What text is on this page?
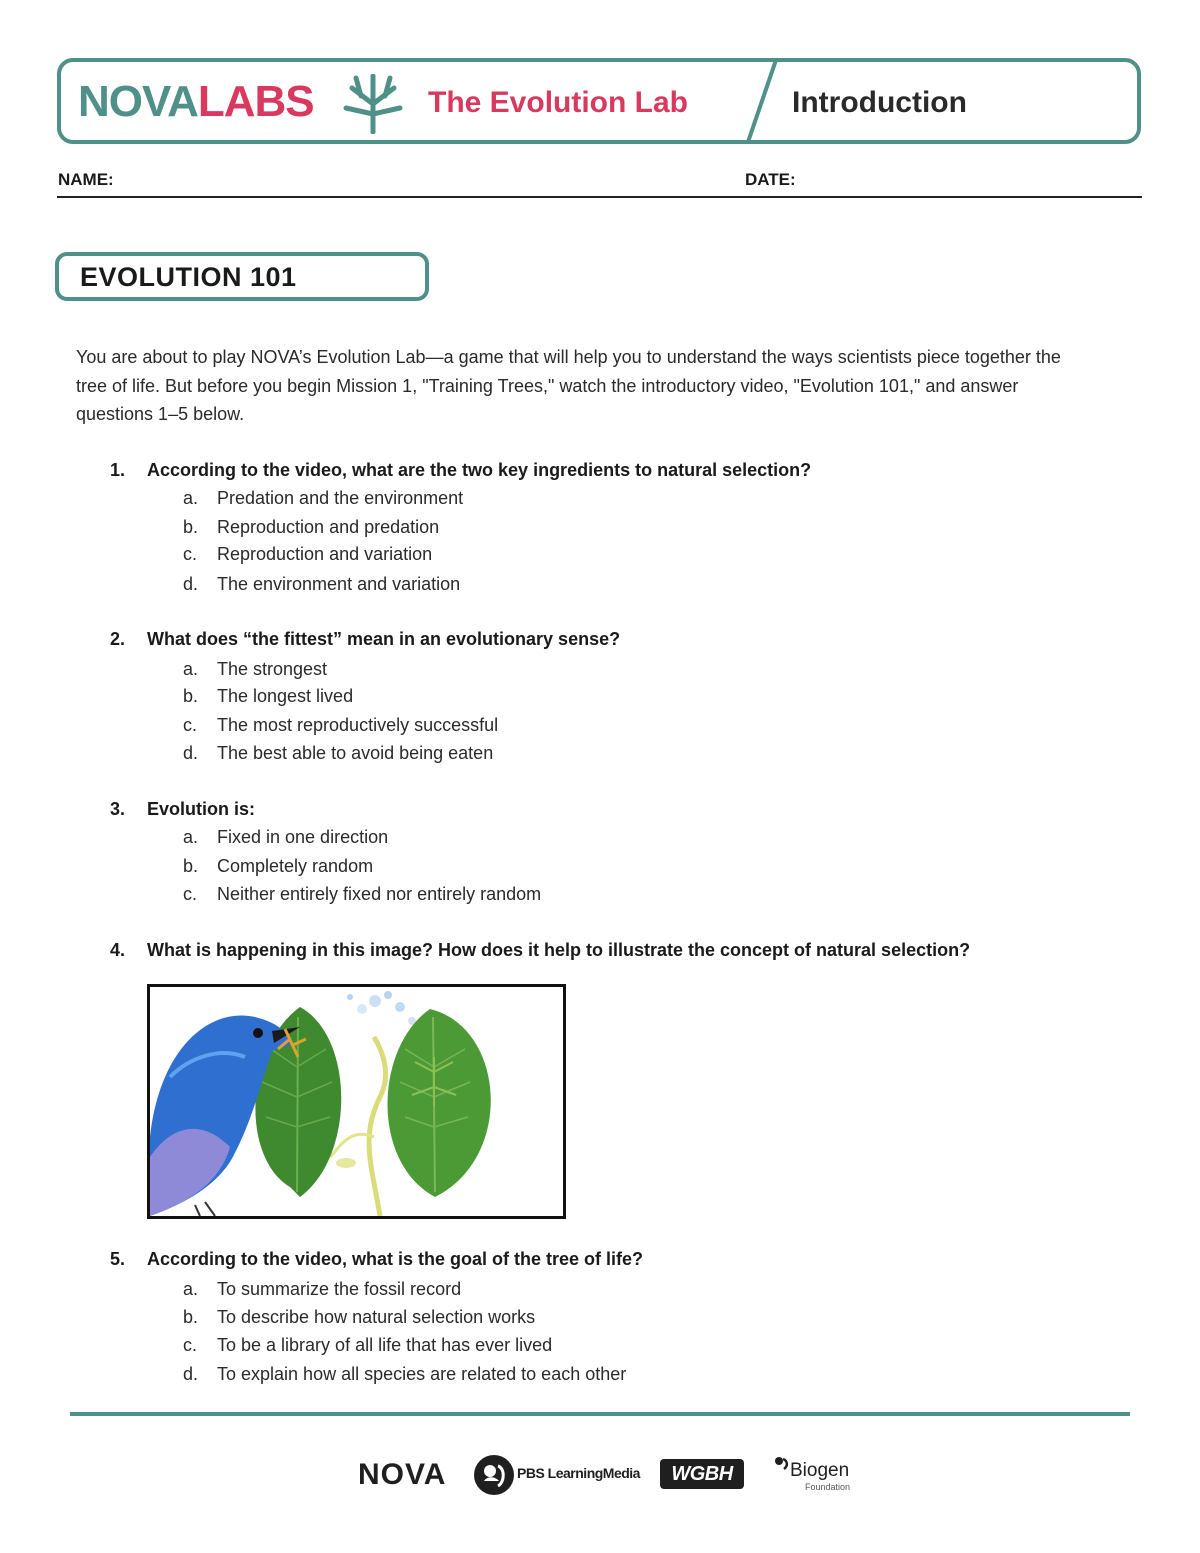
NOVALABS	The Evolution Lab	Introduction
NAME:	DATE:
EVOLUTION 101
You are about to play NOVA’s Evolution Lab—a game that will help you to understand the ways scientists piece together the tree of life. But before you begin Mission 1, "Training Trees," watch the introductory video, "Evolution 101," and answer questions 1–5 below.
1. According to the video, what are the two key ingredients to natural selection?
a. Predation and the environment
b. Reproduction and predation
c. Reproduction and variation
d. The environment and variation
2. What does “the fittest” mean in an evolutionary sense?
a. The strongest
b. The longest lived
c. The most reproductively successful
d. The best able to avoid being eaten
3. Evolution is:
a. Fixed in one direction
b. Completely random
c. Neither entirely fixed nor entirely random
4. What is happening in this image? How does it help to illustrate the concept of natural selection?
5. According to the video, what is the goal of the tree of life?
a. To summarize the fossil record
b. To describe how natural selection works
c. To be a library of all life that has ever lived
d. To explain how all species are related to each other
NOVA	PBS LearningMedia	WGBH	Biogen
Foundation
